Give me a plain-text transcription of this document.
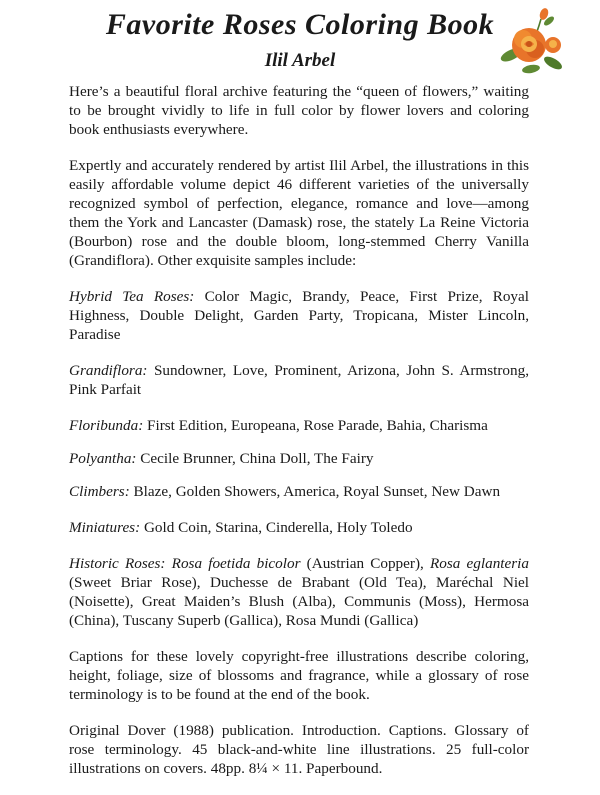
Favorite Roses Coloring Book
Ilil Arbel

Here’s a beautiful floral archive featuring the “queen of flowers,” waiting to be brought vividly to life in full color by flower lovers and coloring book enthusiasts everywhere.

Expertly and accurately rendered by artist Ilil Arbel, the illustrations in this easily affordable volume depict 46 different varieties of the universally recognized symbol of perfection, elegance, romance and love—among them the York and Lancaster (Damask) rose, the stately La Reine Victoria (Bourbon) rose and the double bloom, long-stemmed Cherry Vanilla (Grandiflora). Other exquisite samples include:

Hybrid Tea Roses: Color Magic, Brandy, Peace, First Prize, Royal Highness, Double Delight, Garden Party, Tropicana, Mister Lincoln, Paradise

Grandiflora: Sundowner, Love, Prominent, Arizona, John S. Armstrong, Pink Parfait

Floribunda: First Edition, Europeana, Rose Parade, Bahia, Charisma

Polyantha: Cecile Brunner, China Doll, The Fairy

Climbers: Blaze, Golden Showers, America, Royal Sunset, New Dawn

Miniatures: Gold Coin, Starina, Cinderella, Holy Toledo

Historic Roses: Rosa foetida bicolor (Austrian Copper), Rosa eglanteria (Sweet Briar Rose), Duchesse de Brabant (Old Tea), Maréchal Niel (Noisette), Great Maiden’s Blush (Alba), Communis (Moss), Hermosa (China), Tuscany Superb (Gallica), Rosa Mundi (Gallica)

Captions for these lovely copyright-free illustrations describe coloring, height, foliage, size of blossoms and fragrance, while a glossary of rose terminology is to be found at the end of the book.

Original Dover (1988) publication. Introduction. Captions. Glossary of rose terminology. 45 black-and-white line illustrations. 25 full-color illustrations on covers. 48pp. 8¼ × 11. Paperbound.
